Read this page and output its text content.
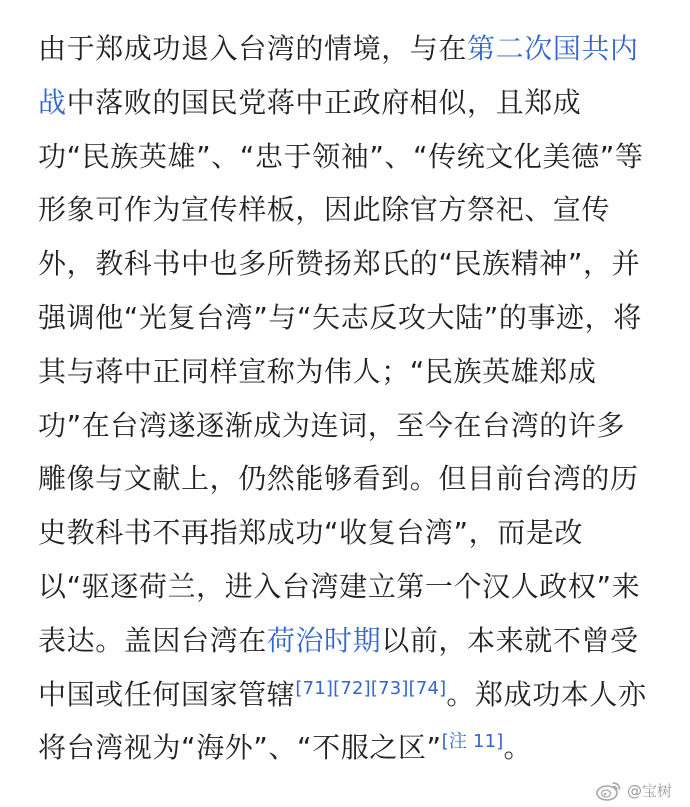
由于郑成功退入台湾的情境，与在第二次国共内战中落败的国民党蒋中正政府相似，且郑成功“民族英雄”、“忠于领袖”、“传统文化美德”等形象可作为宣传样板，因此除官方祭祀、宣传外，教科书中也多所赞扬郑氏的“民族精神”，并强调他“光复台湾”与“矢志反攻大陆”的事迹，将其与蒋中正同样宣称为伟人；“民族英雄郑成功”在台湾遂逐渐成为连词，至今在台湾的许多雕像与文献上，仍然能够看到。但目前台湾的历史教科书不再指郑成功“收复台湾”，而是改以“驱逐荷兰，进入台湾建立第一个汉人政权”来表达。盖因台湾在荷治时期以前，本来就不曾受中国或任何国家管辖[71][72][73][74]。郑成功本人亦将台湾视为“海外”、“不服之区”[注 11]。
@宝树
